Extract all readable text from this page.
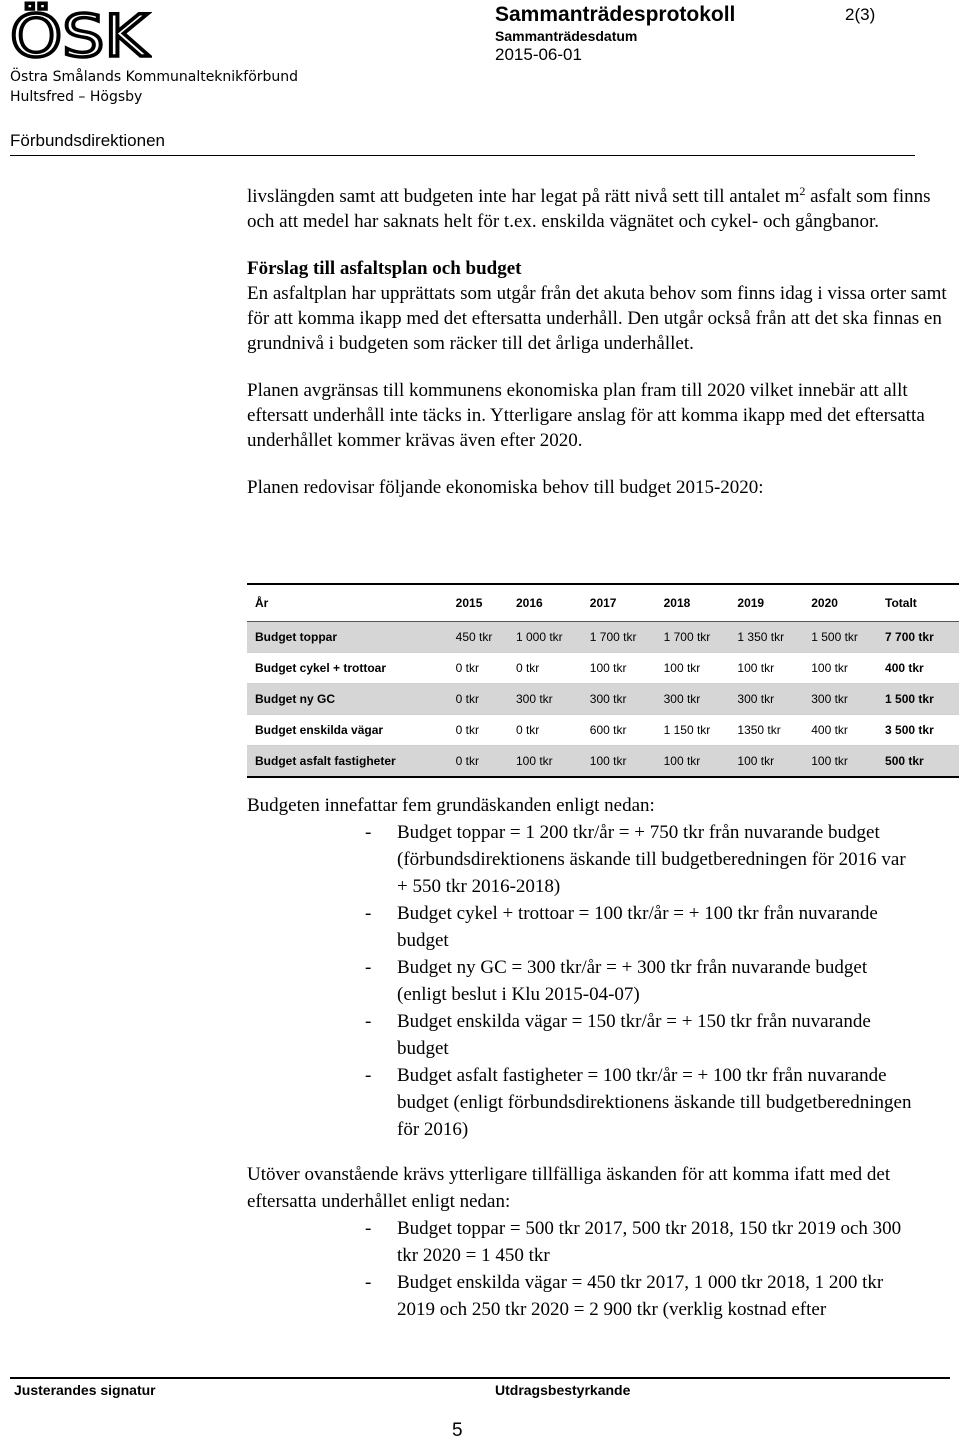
ÖSK
Östra Smålands Kommunalteknikförbund
Hultsfred – Högsby
Förbundsdirektionen
Sammanträdesprotokoll	2(3)
Sammanträdesdatum
2015-06-01

livslängden samt att budgeten inte har legat på rätt nivå sett till antalet $m^2$ asfalt som finns och att medel har saknats helt för t.ex. enskilda vägnätet och cykel- och gångbanor.

Förslag till asfaltsplan och budget

En asfaltplan har upprättats som utgår från det akuta behov som finns idag i vissa orter samt för att komma ikapp med det eftersatta underhåll. Den utgår också från att det ska finnas en grundnivå i budgeten som räcker till det årliga underhållet.

Planen avgränsas till kommunens ekonomiska plan fram till 2020 vilket innebär att allt eftersatt underhåll inte täcks in. Ytterligare anslag för att komma ikapp med det eftersatta underhållet kommer krävas även efter 2020.

Planen redovisar följande ekonomiska behov till budget 2015-2020:

År	2015	2016	2017	2018	2019	2020	Totalt
Budget toppar	450 tkr	1 000 tkr	1 700 tkr	1 700 tkr	1 350 tkr	1 500 tkr	7 700 tkr
Budget cykel + trottoar	0 tkr	0 tkr	100 tkr	100 tkr	100 tkr	100 tkr	400 tkr
Budget ny GC	0 tkr	300 tkr	300 tkr	300 tkr	300 tkr	300 tkr	1 500 tkr
Budget enskilda vägar	0 tkr	0 tkr	600 tkr	1 150 tkr	1350 tkr	400 tkr	3 500 tkr
Budget asfalt fastigheter	0 tkr	100 tkr	100 tkr	100 tkr	100 tkr	100 tkr	500 tkr

Budgeten innefattar fem grundäskanden enligt nedan:

- Budget toppar = 1 200 tkr/år = + 750 tkr från nuvarande budget (förbundsdirektionens äskande till budgetberedningen för 2016 var + 550 tkr 2016-2018)
- Budget cykel + trottoar = 100 tkr/år = + 100 tkr från nuvarande budget
- Budget ny GC = 300 tkr/år = + 300 tkr från nuvarande budget (enligt beslut i Klu 2015-04-07)
- Budget enskilda vägar = 150 tkr/år = + 150 tkr från nuvarande budget
- Budget asfalt fastigheter = 100 tkr/år = + 100 tkr från nuvarande budget (enligt förbundsdirektionens äskande till budgetberedningen för 2016)

Utöver ovanstående krävs ytterligare tillfälliga äskanden för att komma ifatt med det eftersatta underhållet enligt nedan:

- Budget toppar = 500 tkr 2017, 500 tkr 2018, 150 tkr 2019 och 300 tkr 2020 = 1 450 tkr
- Budget enskilda vägar = 450 tkr 2017, 1 000 tkr 2018, 1 200 tkr 2019 och 250 tkr 2020 = 2 900 tkr (verklig kostnad efter
Justerandes signatur	Utdragsbestyrkande
5
